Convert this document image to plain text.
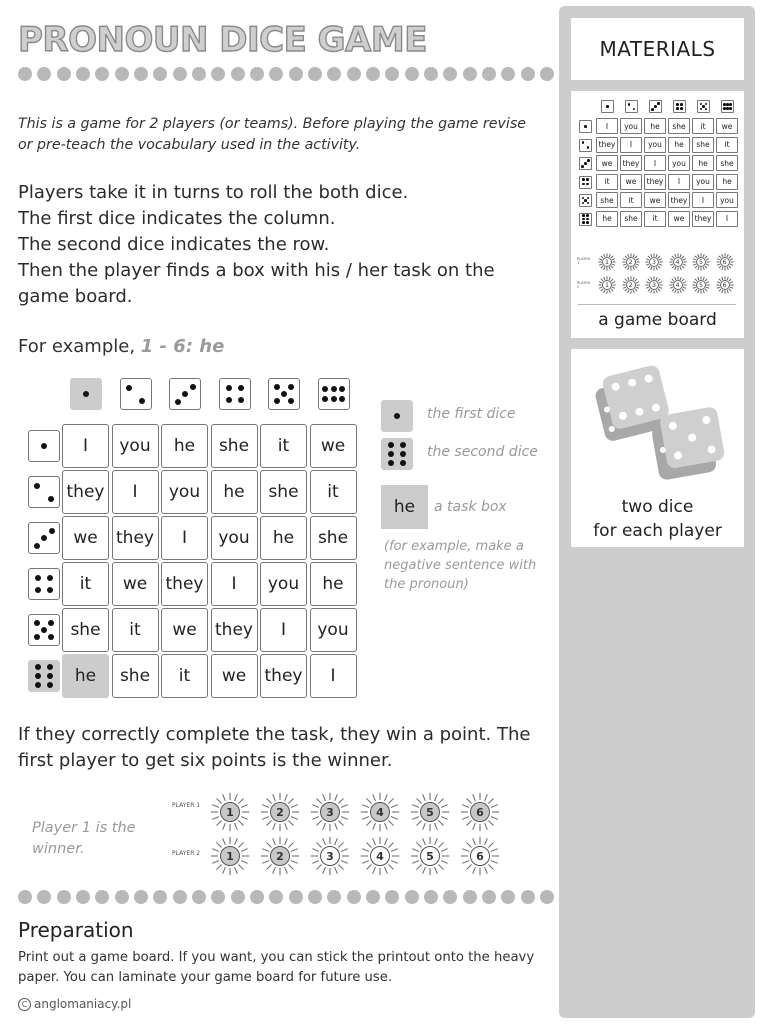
PRONOUN DICE GAME
This is a game for 2 players (or teams). Before playing the game revise or pre-teach the vocabulary used in the activity.
Players take it in turns to roll the both dice.
The first dice indicates the column.
The second dice indicates the row.
Then the player finds a box with his / her task on the game board.
For example, 1 - 6: he
I	you	he	she	it	we
they	I	you	he	she	it
we	they	I	you	he	she
it	we	they	I	you	he
she	it	we	they	I	you
he	she	it	we	they	I
the first dice
the second dice
he	a task box
(for example, make a negative sentence with the pronoun)
If they correctly complete the task, they win a point. The first player to get six points is the winner.
Player 1 is the winner.
PLAYER 1
PLAYER 2
1
1
2
2
3
3
4
4
5
5
6
6
Preparation
Print out a game board. If you want, you can stick the printout onto the heavy paper. You can laminate your game board for future use.
C anglomaniacy.pl
MATERIALS
I	you	he	she	it	we
they	I	you	he	she	it
we	they	I	you	he	she
it	we	they	I	you	he
she	it	we	they	I	you
he	she	it	we	they	I
PLAYER 1
PLAYER 2
1
1
2
2
3
3
4
4
5
5
6
6
a game board
two dice
for each player
